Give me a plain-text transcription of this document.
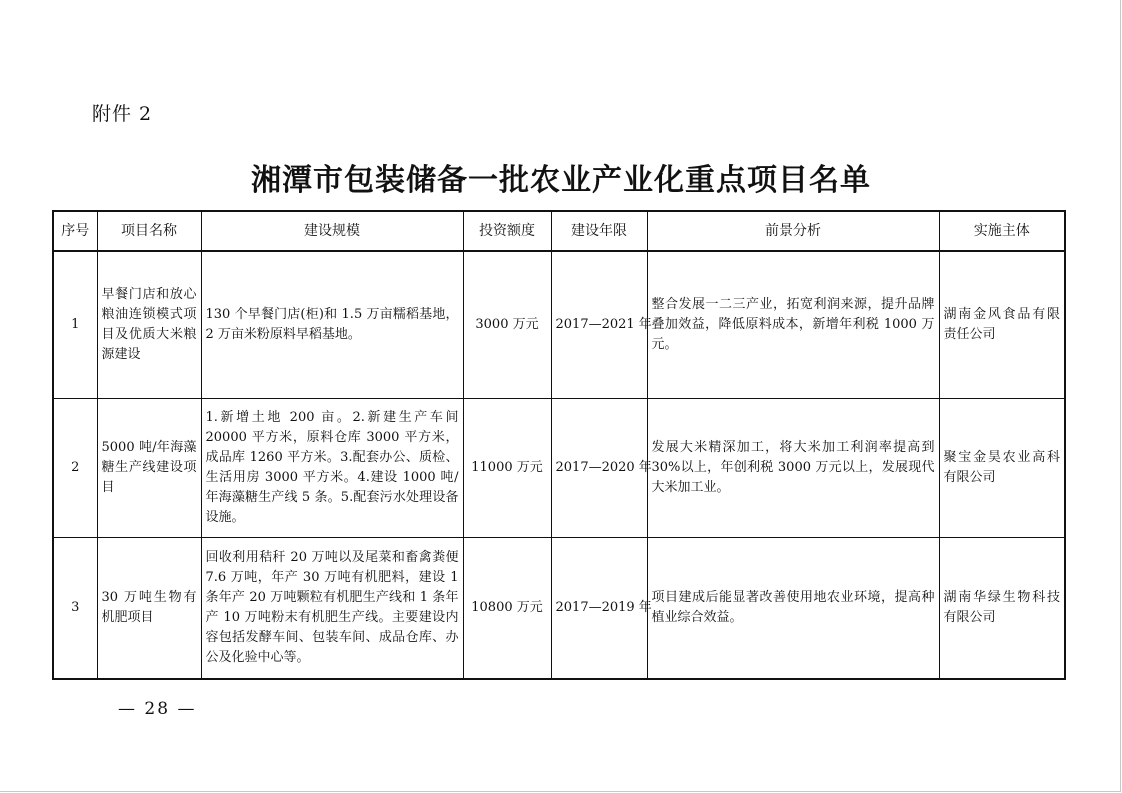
附件 2
湘潭市包装储备一批农业产业化重点项目名单
序号	项目名称	建设规模	投资额度	建设年限	前景分析	实施主体
1	早餐门店和放心粮油连锁模式项目及优质大米粮源建设	130 个早餐门店(柜)和 1.5 万亩糯稻基地，2 万亩米粉原料早稻基地。	3000 万元	2017—2021 年	整合发展一二三产业，拓宽利润来源，提升品牌叠加效益，降低原料成本，新增年利税 1000 万元。	湖南金风食品有限责任公司
2	5000 吨/年海藻糖生产线建设项目	1.新增土地 200 亩。2.新建生产车间 20000 平方米，原料仓库 3000 平方米，成品库 1260 平方米。3.配套办公、质检、生活用房 3000 平方米。4.建设 1000 吨/年海藻糖生产线 5 条。5.配套污水处理设备设施。	11000 万元	2017—2020 年	发展大米精深加工，将大米加工利润率提高到 30%以上，年创利税 3000 万元以上，发展现代大米加工业。	聚宝金昊农业高科有限公司
3	30 万吨生物有机肥项目	回收利用秸秆 20 万吨以及尾菜和畜禽粪便 7.6 万吨，年产 30 万吨有机肥料，建设 1 条年产 20 万吨颗粒有机肥生产线和 1 条年产 10 万吨粉末有机肥生产线。主要建设内容包括发酵车间、包装车间、成品仓库、办公及化验中心等。	10800 万元	2017—2019 年	项目建成后能显著改善使用地农业环境，提高种植业综合效益。	湖南华绿生物科技有限公司
— 28 —
